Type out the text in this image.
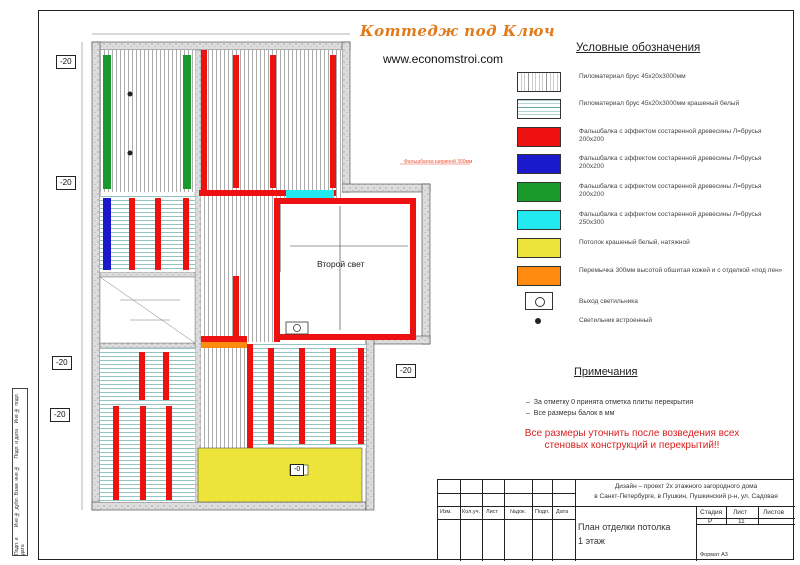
Коттедж под Ключ
www.economstroi.com
Второй свет
Фальшбалка шириной 300мм
-20
-20
-20
-20
-20
-0
Условные обозначения
Пиломатериал брус 45х20х3000мм
Пиломатериал брус 45х20х3000мм крашеный белый
Фальшбалка с эффектом состаренной древесины Л=брусья 200х200
Фальшбалка с эффектом состаренной древесины Л=брусья 200х200
Фальшбалка с эффектом состаренной древесины Л=брусья 200х200
Фальшбалка с эффектом состаренной древесины Л=брусья 250х300
Потолок крашеный белый, натяжной
Перемычка 300мм высотой обшитая кожей и с отделкой «под лен»
Выход светильника
Светильник встроенный
Примечания
–  За отметку 0 принята отметка плиты перекрытия
–  Все размеры балок в мм
Все размеры уточнить после возведения всех стеновых конструкций и перекрытий!!
Инв.№ подл.
Подп. и дата
Взам. инв.№
Инв.№ дубл.
Подп. и дата
Изм. Кол.уч. Лист №док. Подп. Дата
Дизайн – проект 2х этажного загородного дома
в Санкт-Петербурге, в Пушкин, Пушкинский р-н, ул. Садовая
План отделки потолка
1 этаж
Стадия Лист Листов
Р	11
Формат А3
